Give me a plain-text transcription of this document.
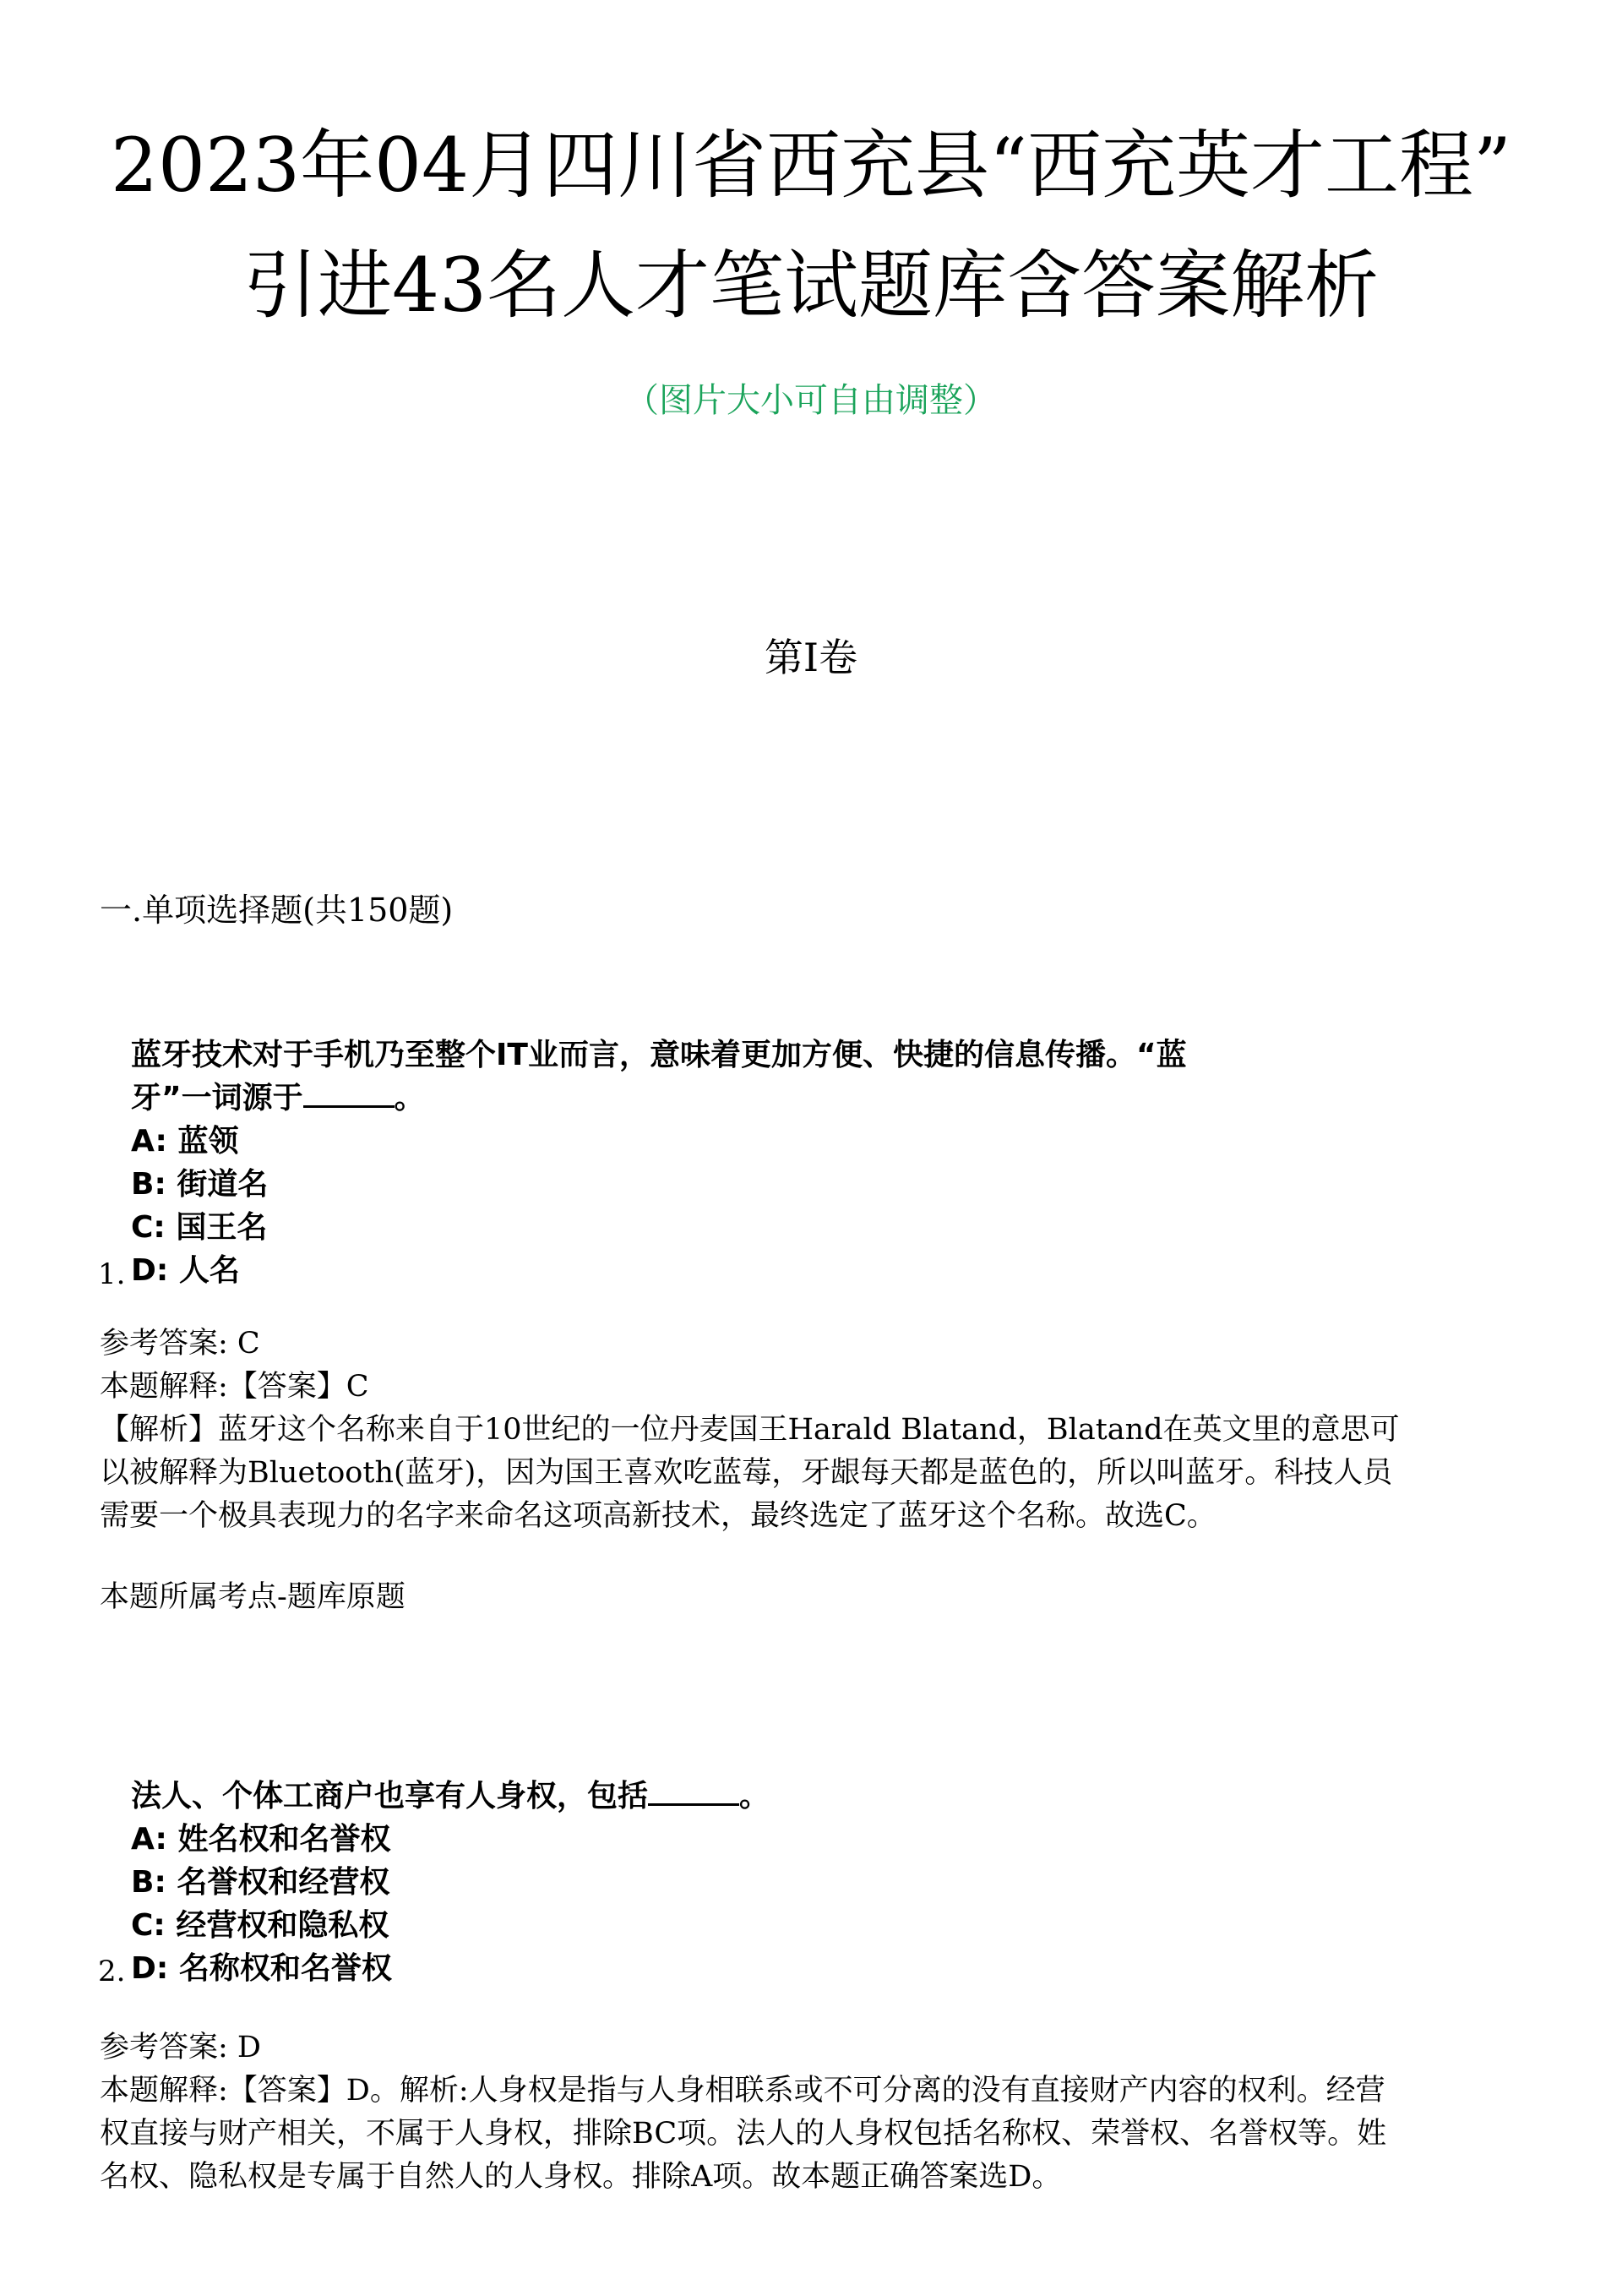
2023年04月四川省西充县“西充英才工程”
引进43名人才笔试题库含答案解析
（图片大小可自由调整）
第I卷
一.单项选择题(共150题)
蓝牙技术对于手机乃至整个IT业而言，意味着更加方便、快捷的信息传播。“蓝
牙”一词源于	。
A: 蓝领
B: 街道名
C: 国王名
D: 人名
1.

参考答案: C

本题解释:【答案】C

【解析】蓝牙这个名称来自于10世纪的一位丹麦国王Harald Blatand，Blatand在英文里的意思可

以被解释为Bluetooth(蓝牙)，因为国王喜欢吃蓝莓，牙龈每天都是蓝色的，所以叫蓝牙。科技人员

需要一个极具表现力的名字来命名这项高新技术，最终选定了蓝牙这个名称。故选C。

本题所属考点-题库原题
法人、个体工商户也享有人身权，包括	。
A: 姓名权和名誉权
B: 名誉权和经营权
C: 经营权和隐私权
D: 名称权和名誉权
2.

参考答案: D

本题解释:【答案】D。解析:人身权是指与人身相联系或不可分离的没有直接财产内容的权利。经营

权直接与财产相关，不属于人身权，排除BC项。法人的人身权包括名称权、荣誉权、名誉权等。姓

名权、隐私权是专属于自然人的人身权。排除A项。故本题正确答案选D。
